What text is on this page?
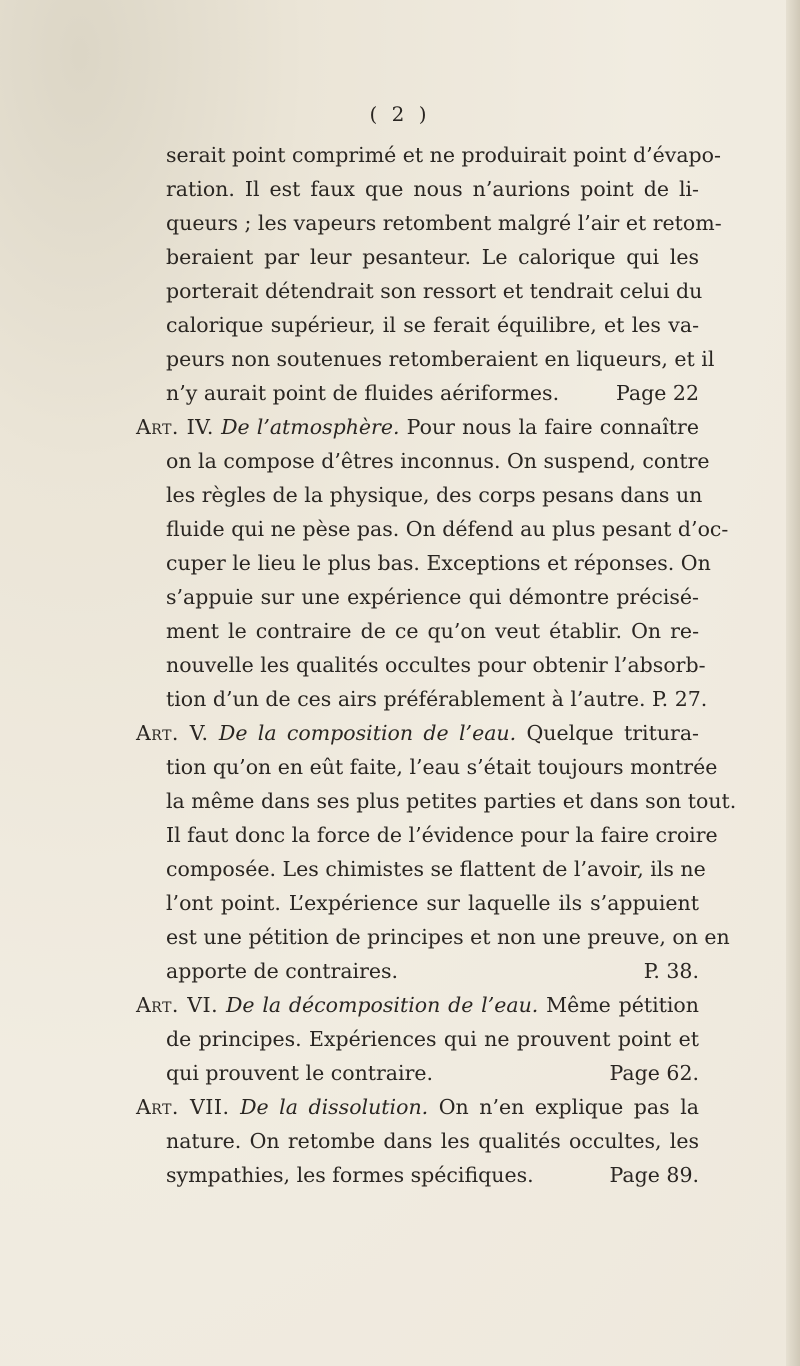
( 2 )
serait point comprimé et ne produirait point d’évapo-
ration. Il est faux que nous n’aurions point de li-
queurs ; les vapeurs retombent malgré l’air et retom-
beraient par leur pesanteur. Le calorique qui les
porterait détendrait son ressort et tendrait celui du
calorique supérieur, il se ferait équilibre, et les va-
peurs non soutenues retomberaient en liqueurs, et il
n’y aurait point de fluides aériformes.	Page 22
Art. IV. De l’atmosphère. Pour nous la faire connaître
on la compose d’êtres inconnus. On suspend, contre
les règles de la physique, des corps pesans dans un
fluide qui ne pèse pas. On défend au plus pesant d’oc-
cuper le lieu le plus bas. Exceptions et réponses. On
s’appuie sur une expérience qui démontre précisé-
ment le contraire de ce qu’on veut établir. On re-
nouvelle les qualités occultes pour obtenir l’absorb-
tion d’un de ces airs préférablement à l’autre. P. 27.
Art. V. De la composition de l’eau. Quelque tritura-
tion qu’on en eût faite, l’eau s’était toujours montrée
la même dans ses plus petites parties et dans son tout.
Il faut donc la force de l’évidence pour la faire croire
composée. Les chimistes se flattent de l’avoir, ils ne
l’ont point. L’expérience sur laquelle ils s’appuient
est une pétition de principes et non une preuve, on en
apporte de contraires.	P. 38.
Art. VI. De la décomposition de l’eau. Même pétition
de principes. Expériences qui ne prouvent point et
qui prouvent le contraire.	Page 62.
Art. VII. De la dissolution. On n’en explique pas la
nature. On retombe dans les qualités occultes, les
sympathies, les formes spécifiques.	Page 89.
